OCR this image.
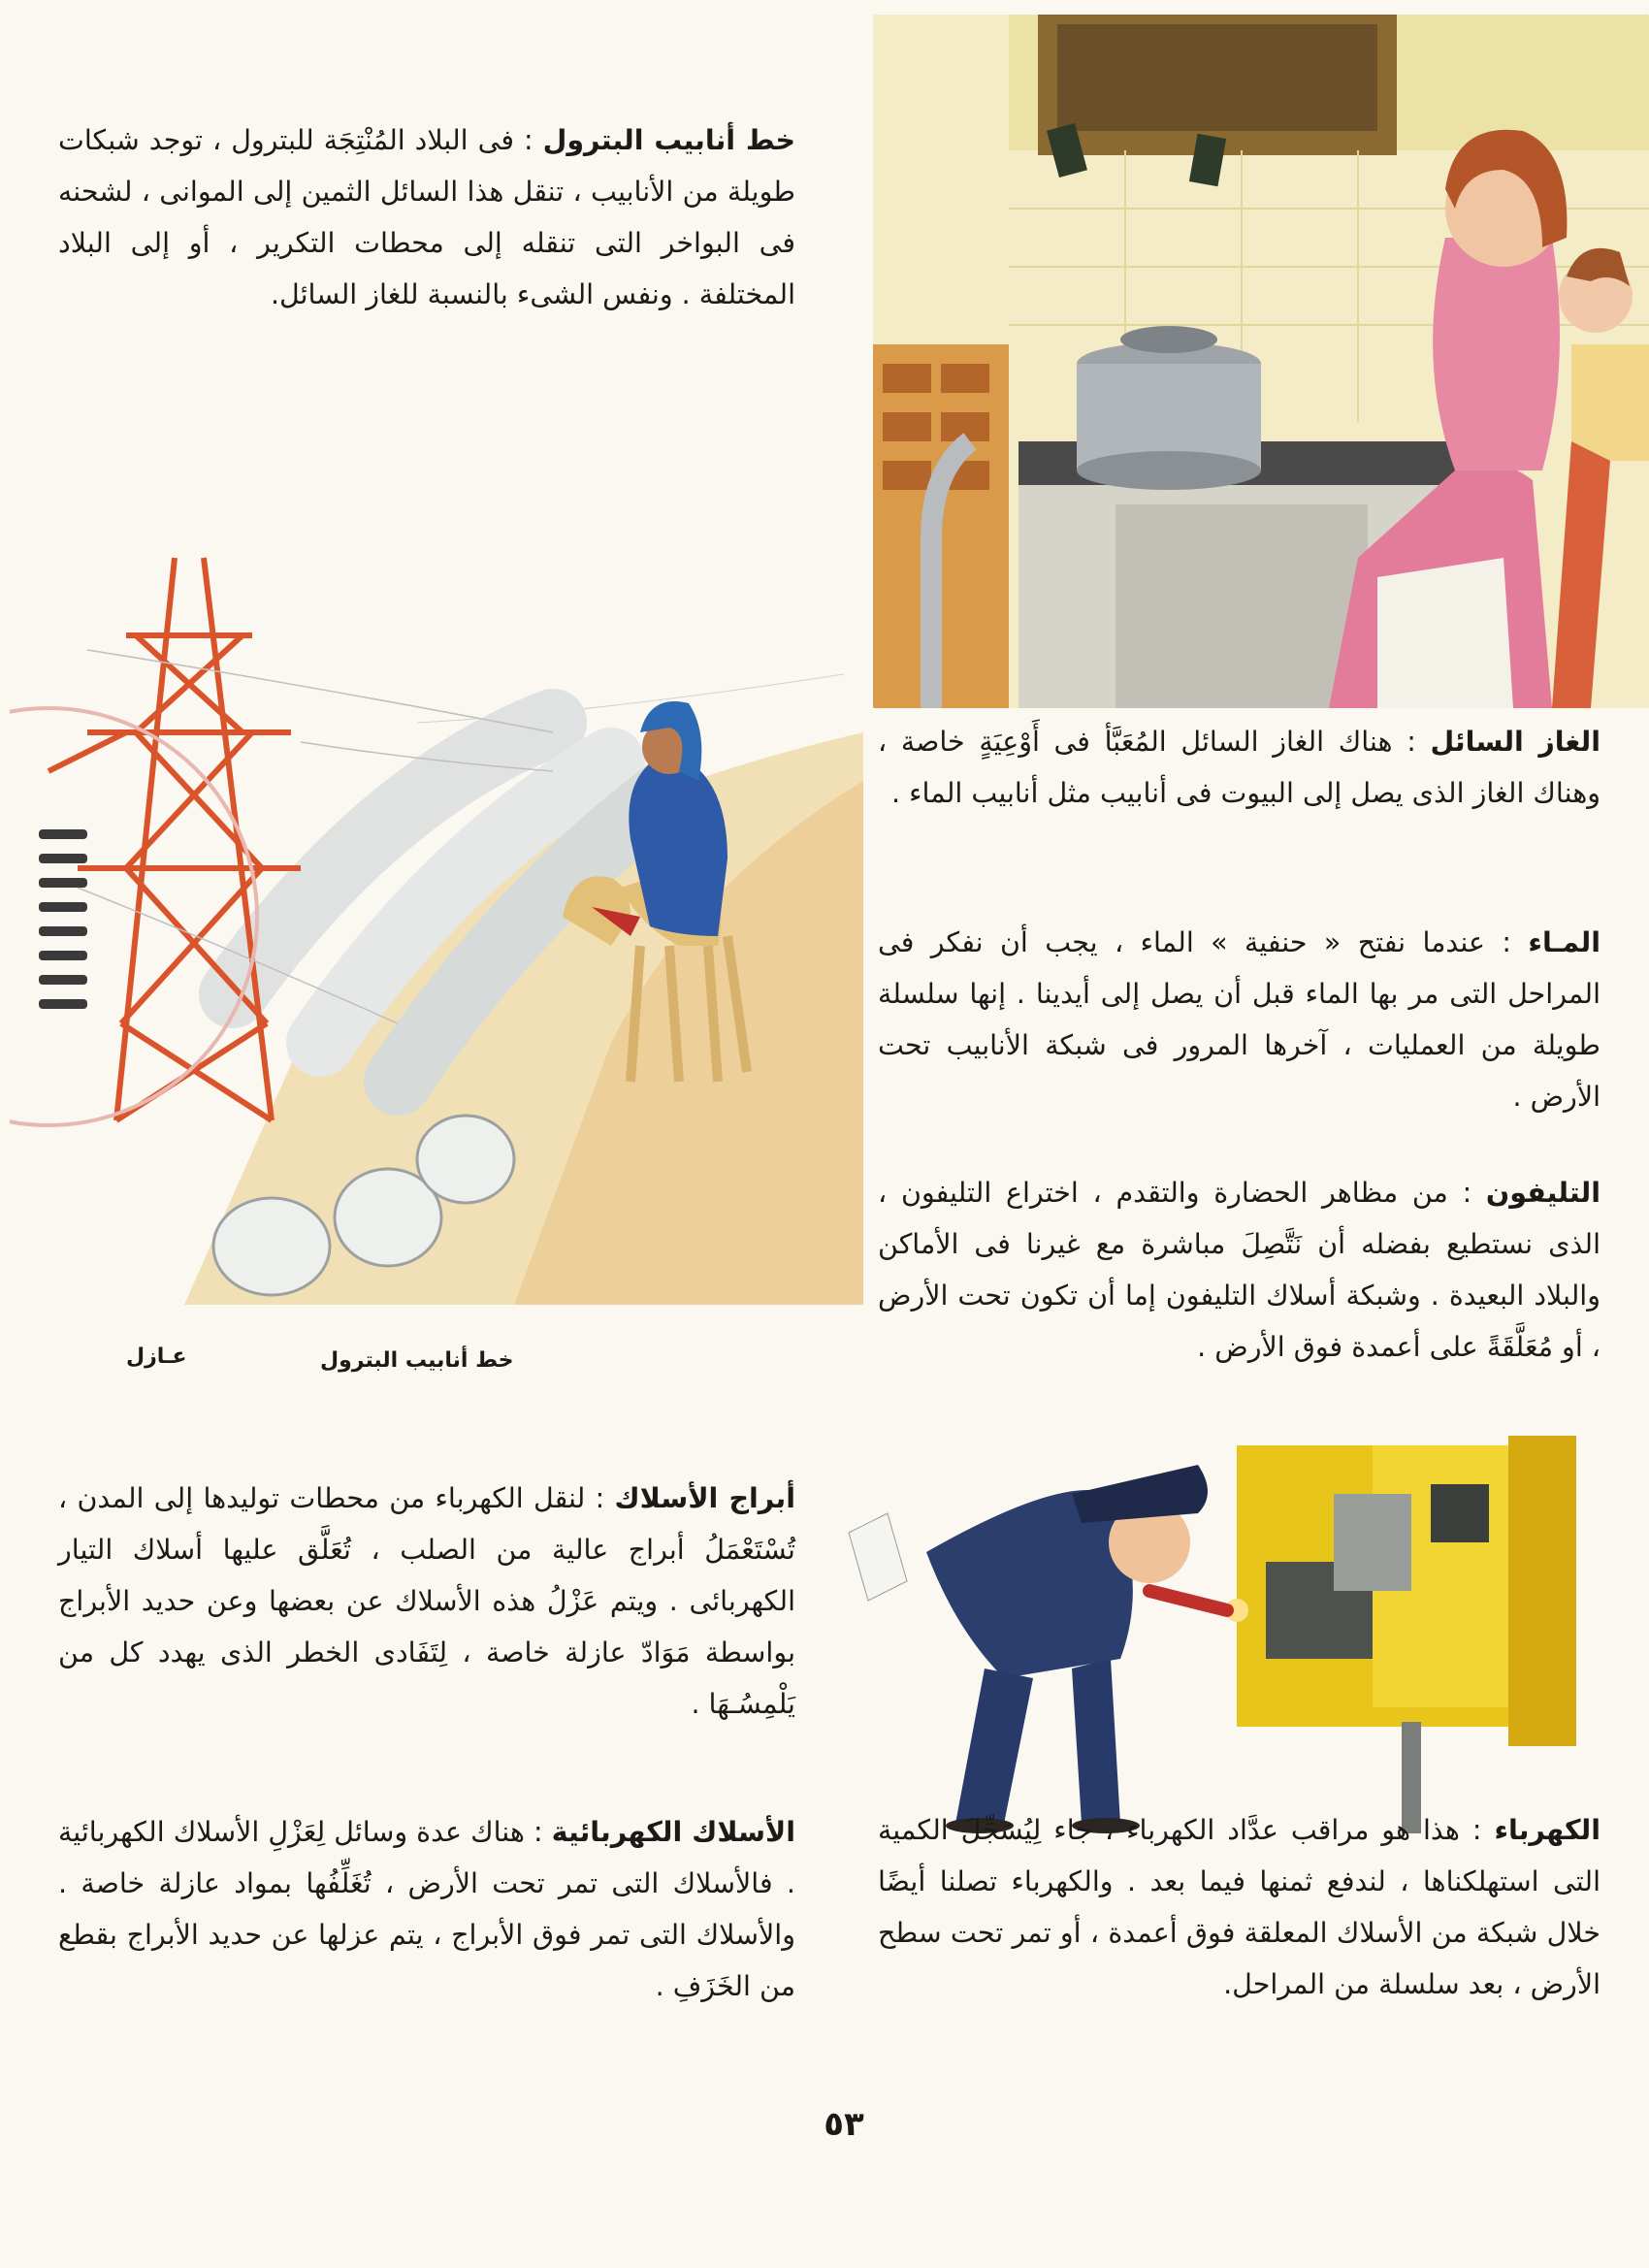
خط أنابيب البترول : فى البلاد المُنْتِجَة للبترول ، توجد شبكات طويلة من الأنابيب ، تنقل هذا السائل الثمين إلى الموانى ، لشحنه فى البواخر التى تنقله إلى محطات التكرير ، أو إلى البلاد المختلفة . ونفس الشىء بالنسبة للغاز السائل.
الغاز السائل : هناك الغاز السائل المُعَبَّأ فى أَوْعِيَةٍ خاصة ، وهناك الغاز الذى يصل إلى البيوت فى أنابيب مثل أنابيب الماء .
المـاء : عندما نفتح « حنفية » الماء ، يجب أن نفكر فى المراحل التى مر بها الماء قبل أن يصل إلى أيدينا . إنها سلسلة طويلة من العمليات ، آخرها المرور فى شبكة الأنابيب تحت الأرض .
التليفون : من مظاهر الحضارة والتقدم ، اختراع التليفون ، الذى نستطيع بفضله أن نَتَّصِلَ مباشرة مع غيرنا فى الأماكن والبلاد البعيدة . وشبكة أسلاك التليفون إما أن تكون تحت الأرض ، أو مُعَلَّقَةً على أعمدة فوق الأرض .
خط أنابيب البترول
عـازل
أبراج الأسلاك : لنقل الكهرباء من محطات توليدها إلى المدن ، تُسْتَعْمَلُ أبراج عالية من الصلب ، تُعَلَّق عليها أسلاك التيار الكهربائى . ويتم عَزْلُ هذه الأسلاك عن بعضها وعن حديد الأبراج بواسطة مَوَادّ عازلة خاصة ، لِتَفَادى الخطر الذى يهدد كل من يَلْمِسُـهَا .
الأسلاك الكهربائية : هناك عدة وسائل لِعَزْلِ الأسلاك الكهربائية . فالأسلاك التى تمر تحت الأرض ، تُغَلِّفُها بمواد عازلة خاصة . والأسلاك التى تمر فوق الأبراج ، يتم عزلها عن حديد الأبراج بقطع من الخَزَفِ .
الكهرباء : هذا هو مراقب عدَّاد الكهرباء ، جاء لِيُسَجِّلَ الكمية التى استهلكناها ، لندفع ثمنها فيما بعد . والكهرباء تصلنا أيضًا خلال شبكة من الأسلاك المعلقة فوق أعمدة ، أو تمر تحت سطح الأرض ، بعد سلسلة من المراحل.
٥٣
